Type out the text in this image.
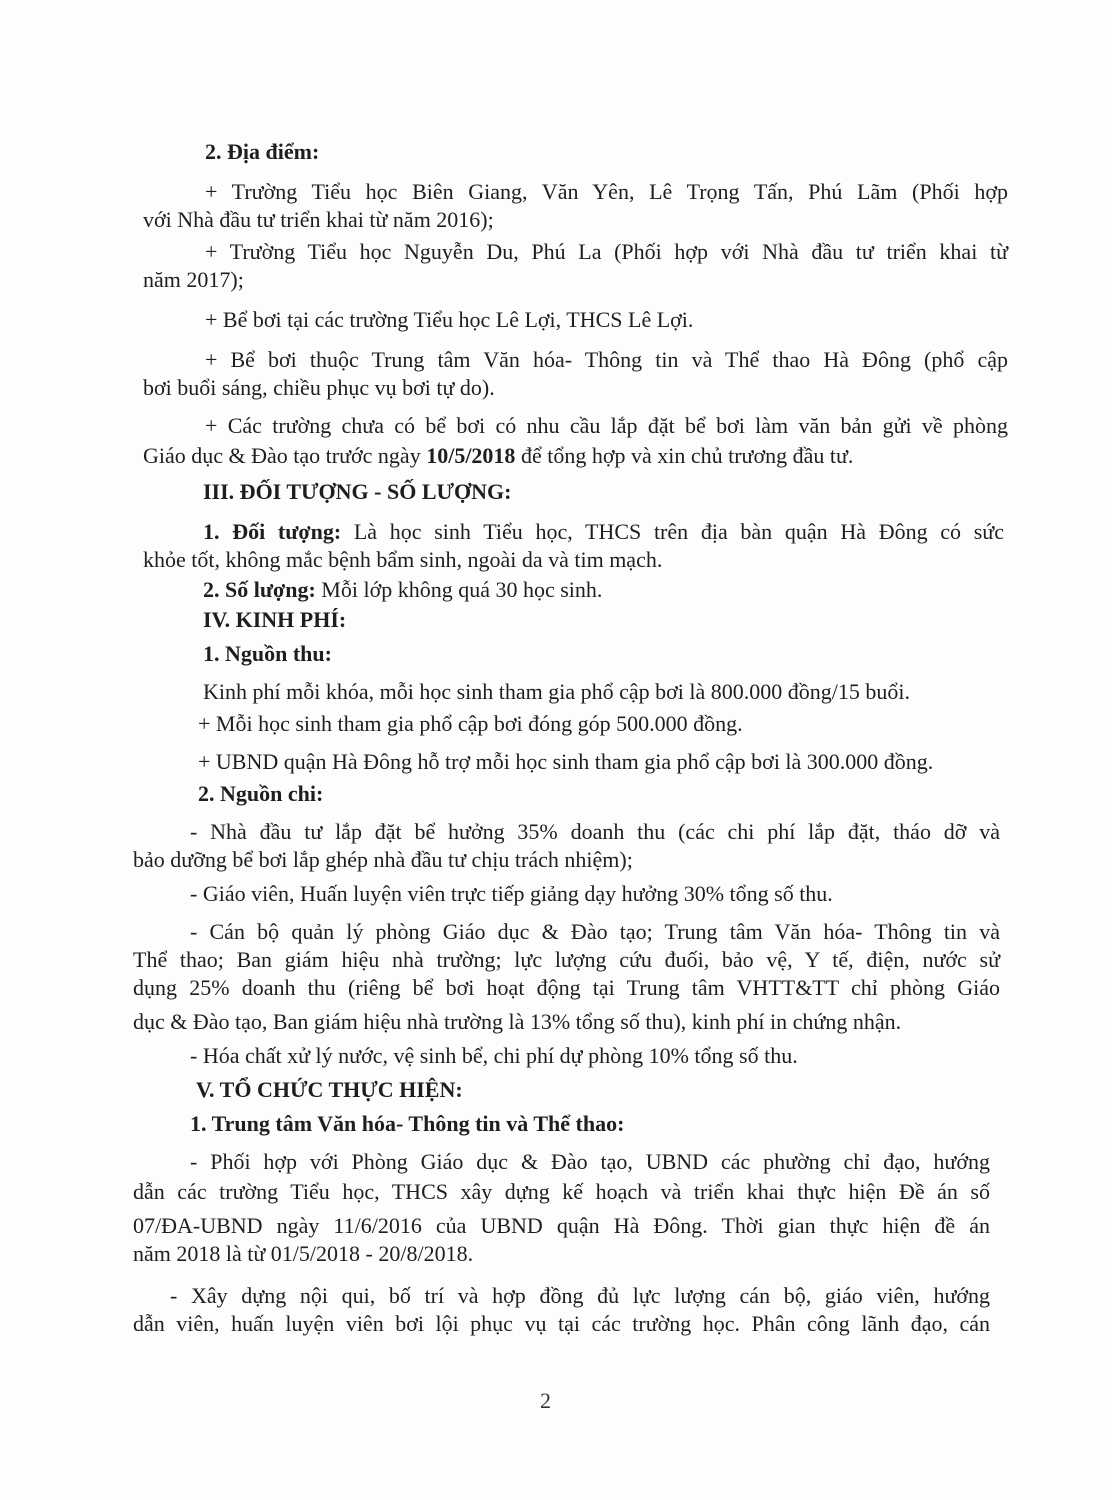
2. Địa điểm:
+ Trường Tiểu học Biên Giang, Văn Yên, Lê Trọng Tấn, Phú Lãm (Phối hợp
với Nhà đầu tư triển khai từ năm 2016);
+ Trường Tiểu học Nguyễn Du, Phú La (Phối hợp với Nhà đầu tư triển khai từ
năm 2017);
+ Bể bơi tại các trường Tiểu học Lê Lợi, THCS Lê Lợi.
+ Bể bơi thuộc Trung tâm Văn hóa- Thông tin và Thể thao Hà Đông (phổ cập
bơi buổi sáng, chiều phục vụ bơi tự do).
+ Các trường chưa có bể bơi có nhu cầu lắp đặt bể bơi làm văn bản gửi về phòng
Giáo dục & Đào tạo trước ngày 10/5/2018 để tổng hợp và xin chủ trương đầu tư.
III. ĐỐI TƯỢNG - SỐ LƯỢNG:
1. Đối tượng: Là học sinh Tiểu học, THCS trên địa bàn quận Hà Đông có sức
khỏe tốt, không mắc bệnh bẩm sinh, ngoài da và tim mạch.
2. Số lượng: Mỗi lớp không quá 30 học sinh.
IV. KINH PHÍ:
1. Nguồn thu:
Kinh phí mỗi khóa, mỗi học sinh tham gia phổ cập bơi là 800.000 đồng/15 buổi.
+ Mỗi học sinh tham gia phổ cập bơi đóng góp 500.000 đồng.
+ UBND quận Hà Đông hỗ trợ mỗi học sinh tham gia phổ cập bơi là 300.000 đồng.
2. Nguồn chi:
- Nhà đầu tư lắp đặt bể hưởng 35% doanh thu (các chi phí lắp đặt, tháo dỡ và
bảo dưỡng bể bơi lắp ghép nhà đầu tư chịu trách nhiệm);
- Giáo viên, Huấn luyện viên trực tiếp giảng dạy hưởng 30% tổng số thu.
- Cán bộ quản lý phòng Giáo dục & Đào tạo; Trung tâm Văn hóa- Thông tin và
Thể thao; Ban giám hiệu nhà trường; lực lượng cứu đuối, bảo vệ, Y tế, điện, nước sử
dụng 25% doanh thu (riêng bể bơi hoạt động tại Trung tâm VHTT&TT chỉ phòng Giáo
dục & Đào tạo, Ban giám hiệu nhà trường là 13% tổng số thu), kinh phí in chứng nhận.
- Hóa chất xử lý nước, vệ sinh bể, chi phí dự phòng 10% tổng số thu.
V. TỔ CHỨC THỰC HIỆN:
1. Trung tâm Văn hóa- Thông tin và Thể thao:
- Phối hợp với Phòng Giáo dục & Đào tạo, UBND các phường chỉ đạo, hướng
dẫn các trường Tiểu học, THCS xây dựng kế hoạch và triển khai thực hiện Đề án số
07/ĐA-UBND ngày 11/6/2016 của UBND quận Hà Đông. Thời gian thực hiện đề án
năm 2018 là từ 01/5/2018 - 20/8/2018.
- Xây dựng nội qui, bố trí và hợp đồng đủ lực lượng cán bộ, giáo viên, hướng
dẫn viên, huấn luyện viên bơi lội phục vụ tại các trường học. Phân công lãnh đạo, cán
2
